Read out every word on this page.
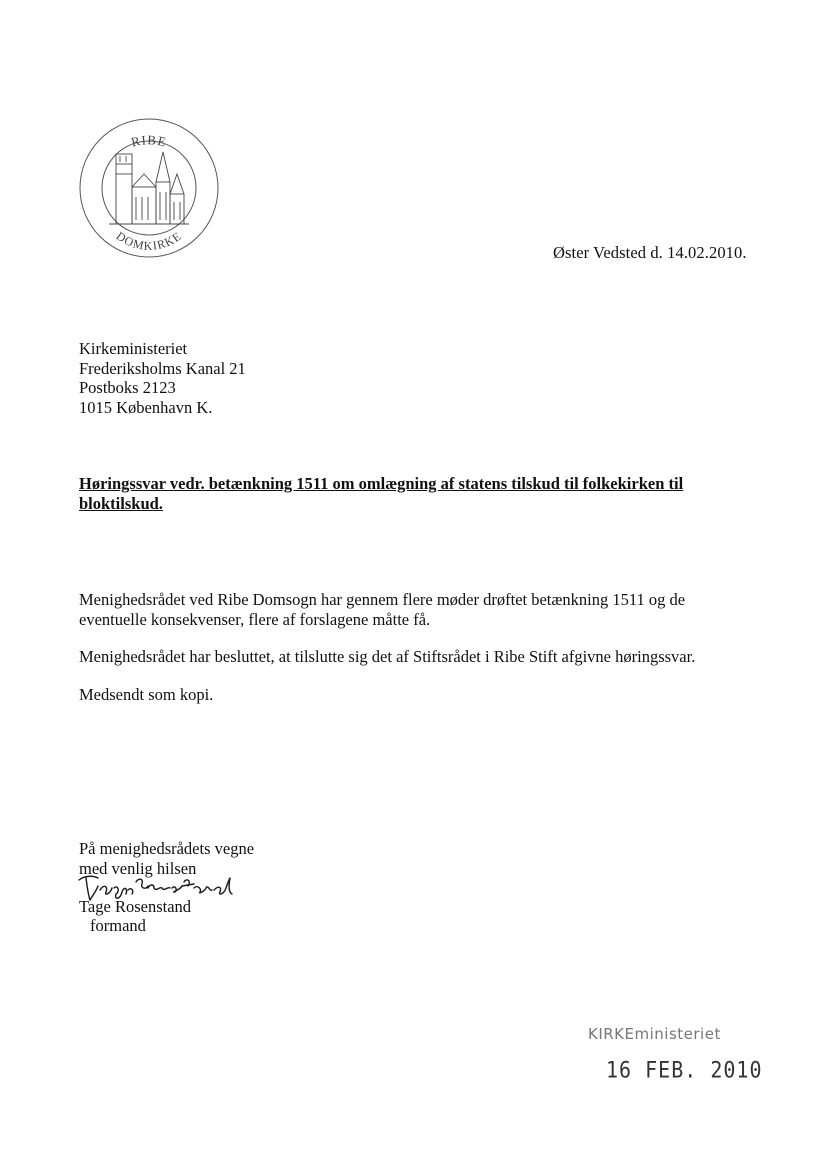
RIBE
DOMKIRKE
Øster Vedsted d. 14.02.2010.
Kirkeministeriet
Frederiksholms Kanal 21
Postboks 2123
1015 København K.
Høringssvar vedr. betænkning 1511 om omlægning af statens tilskud til folkekirken til bloktilskud.
Menighedsrådet ved Ribe Domsogn har gennem flere møder drøftet betænkning 1511 og de eventuelle konsekvenser, flere af forslagene måtte få.
Menighedsrådet har besluttet, at tilslutte sig det af Stiftsrådet i Ribe Stift afgivne høringssvar.
Medsendt som kopi.
På menighedsrådets vegne
med venlig hilsen
Tage Rosenstand
formand
KIRKEministeriet
16 FEB. 2010
